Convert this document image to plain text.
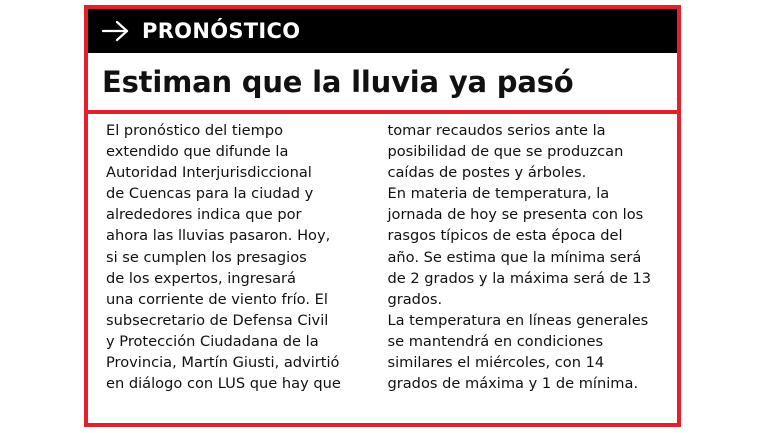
PRONÓSTICO
Estiman que la lluvia ya pasó
El pronóstico del tiempo
extendido que difunde la
Autoridad Interjurisdiccional
de Cuencas para la ciudad y
alrededores indica que por
ahora las lluvias pasaron. Hoy,
si se cumplen los presagios
de los expertos, ingresará
una corriente de viento frío. El
subsecretario de Defensa Civil
y Protección Ciudadana de la
Provincia, Martín Giusti, advirtió
en diálogo con LUS que hay que
tomar recaudos serios ante la
posibilidad de que se produzcan
caídas de postes y árboles.
En materia de temperatura, la
jornada de hoy se presenta con los
rasgos típicos de esta época del
año. Se estima que la mínima será
de 2 grados y la máxima será de 13
grados.
La temperatura en líneas generales
se mantendrá en condiciones
similares el miércoles, con 14
grados de máxima y 1 de mínima.
